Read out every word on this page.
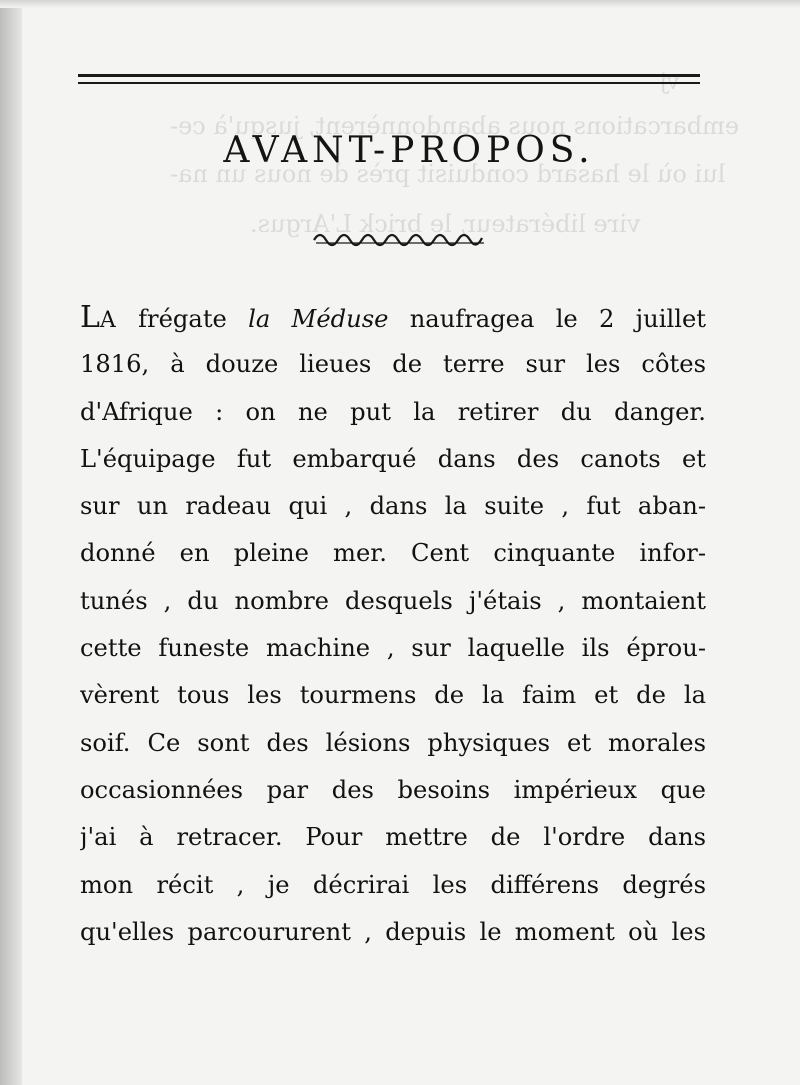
embarcations nous abandonnèrent, jusqu'à ce-
lui où le hasard conduisit près de nous un na-
vire libérateur, le brick L'Argus.
vj
AVANT-PROPOS.
LA frégate la Méduse naufragea le 2 juillet
1816, à douze lieues de terre sur les côtes
d'Afrique : on ne put la retirer du danger.
L'équipage fut embarqué dans des canots et
sur un radeau qui , dans la suite , fut aban-
donné en pleine mer. Cent cinquante infor-
tunés , du nombre desquels j'étais , montaient
cette funeste machine , sur laquelle ils éprou-
vèrent tous les tourmens de la faim et de la
soif. Ce sont des lésions physiques et morales
occasionnées par des besoins impérieux que
j'ai à retracer. Pour mettre de l'ordre dans
mon récit , je décrirai les différens degrés
qu'elles parcoururent , depuis le moment où les
